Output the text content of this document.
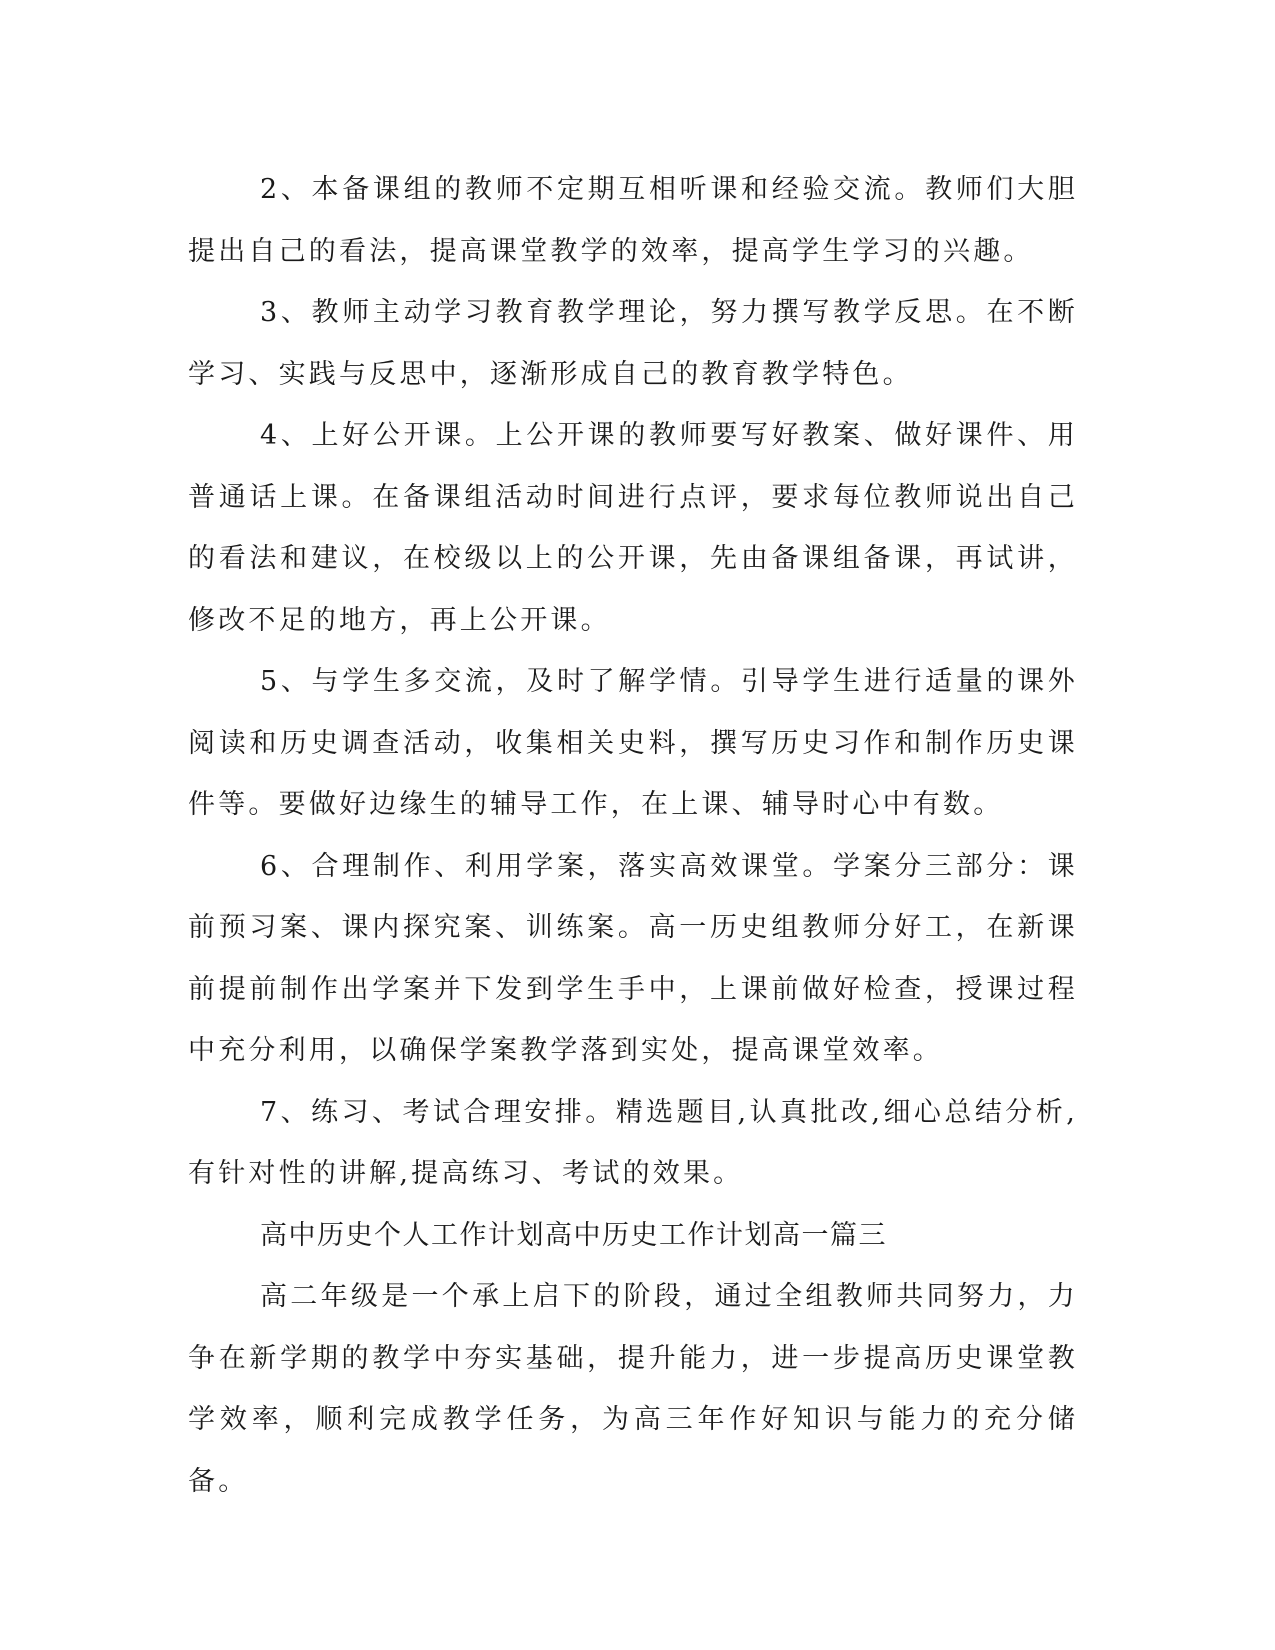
2、本备课组的教师不定期互相听课和经验交流。教师们大胆提出自己的看法，提高课堂教学的效率，提高学生学习的兴趣。

3、教师主动学习教育教学理论，努力撰写教学反思。在不断学习、实践与反思中，逐渐形成自己的教育教学特色。

4、上好公开课。上公开课的教师要写好教案、做好课件、用普通话上课。在备课组活动时间进行点评，要求每位教师说出自己的看法和建议，在校级以上的公开课，先由备课组备课，再试讲，修改不足的地方，再上公开课。

5、与学生多交流，及时了解学情。引导学生进行适量的课外阅读和历史调查活动，收集相关史料，撰写历史习作和制作历史课件等。要做好边缘生的辅导工作，在上课、辅导时心中有数。

6、合理制作、利用学案，落实高效课堂。学案分三部分：课前预习案、课内探究案、训练案。高一历史组教师分好工，在新课前提前制作出学案并下发到学生手中，上课前做好检查，授课过程中充分利用，以确保学案教学落到实处，提高课堂效率。

7、练习、考试合理安排。精选题目,认真批改,细心总结分析,有针对性的讲解,提高练习、考试的效果。

高中历史个人工作计划高中历史工作计划高一篇三

高二年级是一个承上启下的阶段，通过全组教师共同努力，力争在新学期的教学中夯实基础，提升能力，进一步提高历史课堂教学效率，顺利完成教学任务，为高三年作好知识与能力的充分储备。
